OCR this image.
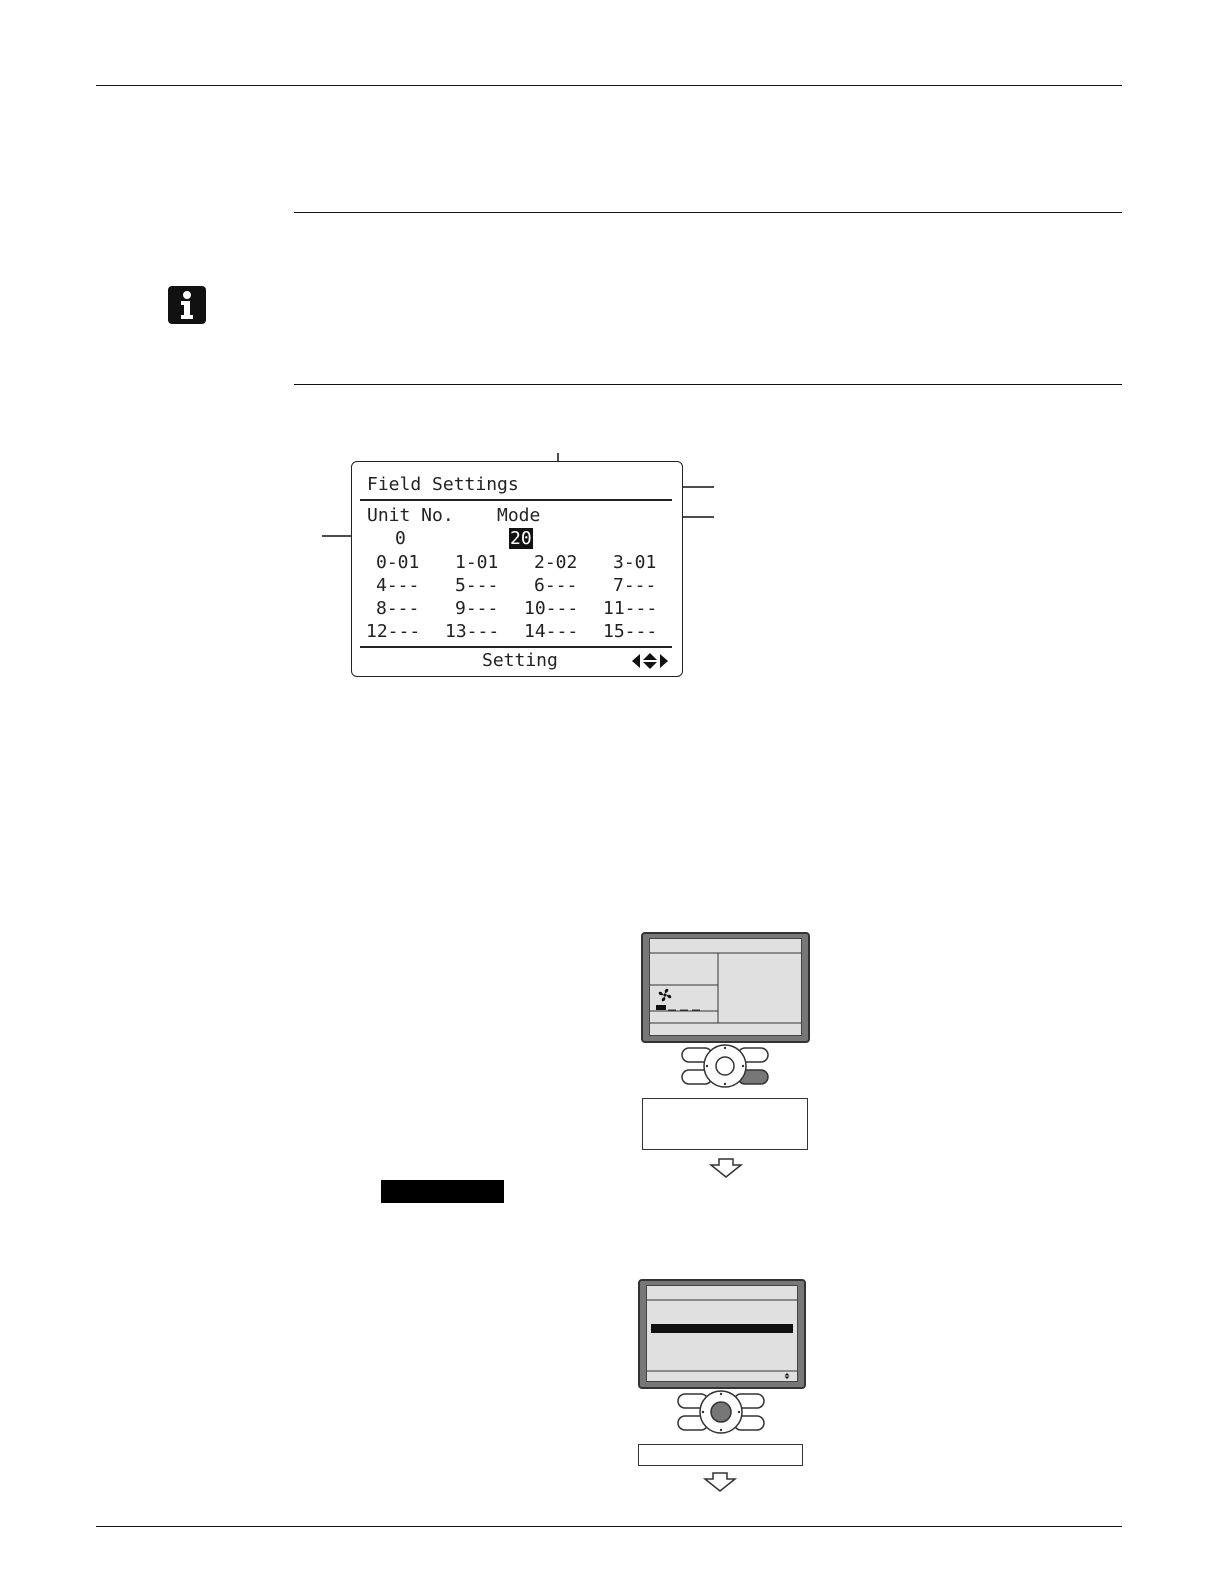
Field Settings
Unit No. Mode
0	20
0-01 1-01 2-02 3-01
4--- 5--- 6--- 7---
8--- 9--- 10--- 11---
12--- 13--- 14--- 15---
Setting
